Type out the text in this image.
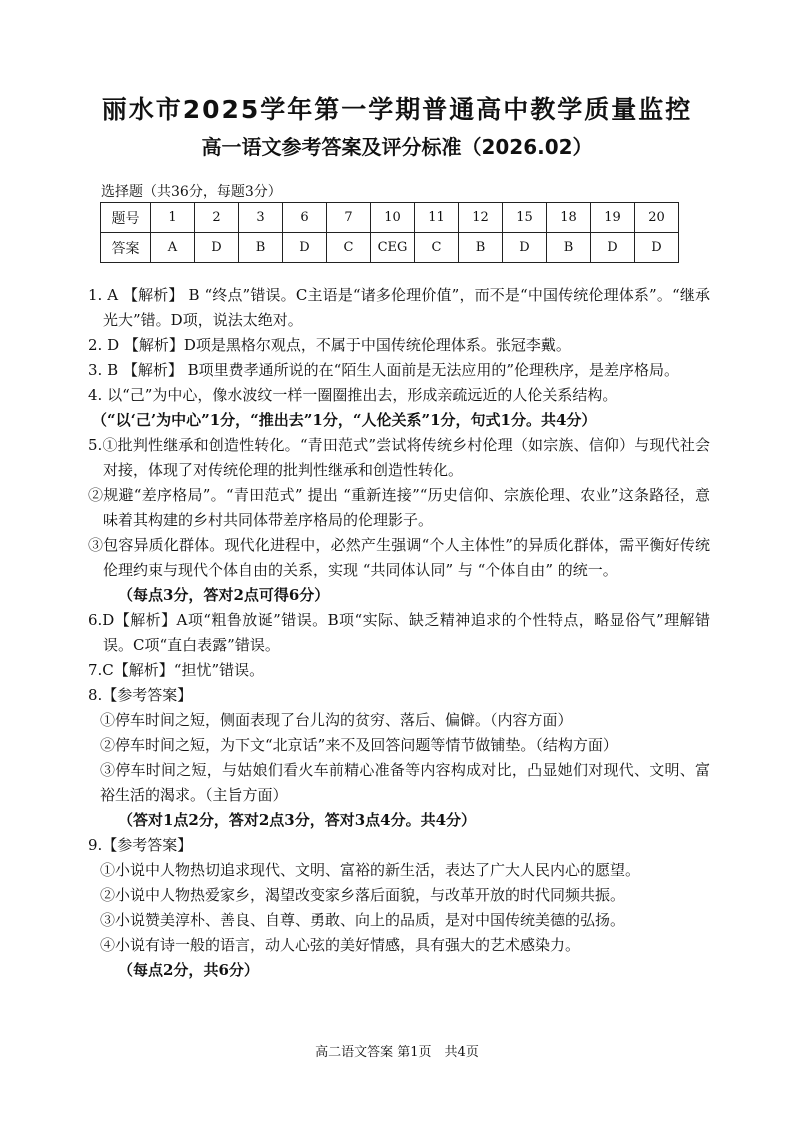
丽水市2025学年第一学期普通高中教学质量监控
高一语文参考答案及评分标准（2026.02）
选择题（共36分，每题3分）
题号	1	2	3	6	7	10	11	12	15	18	19	20
答案	A	D	B	D	C	CEG	C	B	D	B	D	D
1. A 【解析】 B “终点”错误。C主语是“诸多伦理价值”，而不是“中国传统伦理体系”。“继承光大”错。D项，说法太绝对。
2. D 【解析】D项是黑格尔观点，不属于中国传统伦理体系。张冠李戴。
3. B 【解析】 B项里费孝通所说的在“陌生人面前是无法应用的”伦理秩序，是差序格局。
4. 以“己”为中心，像水波纹一样一圈圈推出去，形成亲疏远近的人伦关系结构。
（“以‘己’为中心”1分，“推出去”1分，“人伦关系”1分，句式1分。共4分）
5.①批判性继承和创造性转化。“青田范式”尝试将传统乡村伦理（如宗族、信仰）与现代社会对接，体现了对传统伦理的批判性继承和创造性转化。
②规避“差序格局”。“青田范式” 提出 “重新连接”“历史信仰、宗族伦理、农业”这条路径，意味着其构建的乡村共同体带差序格局的伦理影子。
③包容异质化群体。现代化进程中，必然产生强调“个人主体性”的异质化群体，需平衡好传统伦理约束与现代个体自由的关系，实现 “共同体认同” 与 “个体自由” 的统一。
（每点3分，答对2点可得6分）
6.D【解析】A项“粗鲁放诞”错误。B项“实际、缺乏精神追求的个性特点，略显俗气”理解错误。C项“直白表露”错误。
7.C【解析】“担忧”错误。
8.【参考答案】
①停车时间之短，侧面表现了台儿沟的贫穷、落后、偏僻。（内容方面）
②停车时间之短，为下文“北京话”来不及回答问题等情节做铺垫。（结构方面）
③停车时间之短，与姑娘们看火车前精心准备等内容构成对比，凸显她们对现代、文明、富裕生活的渴求。（主旨方面）
（答对1点2分，答对2点3分，答对3点4分。共4分）
9.【参考答案】
①小说中人物热切追求现代、文明、富裕的新生活，表达了广大人民内心的愿望。
②小说中人物热爱家乡，渴望改变家乡落后面貌，与改革开放的时代同频共振。
③小说赞美淳朴、善良、自尊、勇敢、向上的品质，是对中国传统美德的弘扬。
④小说有诗一般的语言，动人心弦的美好情感，具有强大的艺术感染力。
（每点2分，共6分）
高二语文答案 第1页　共4页
